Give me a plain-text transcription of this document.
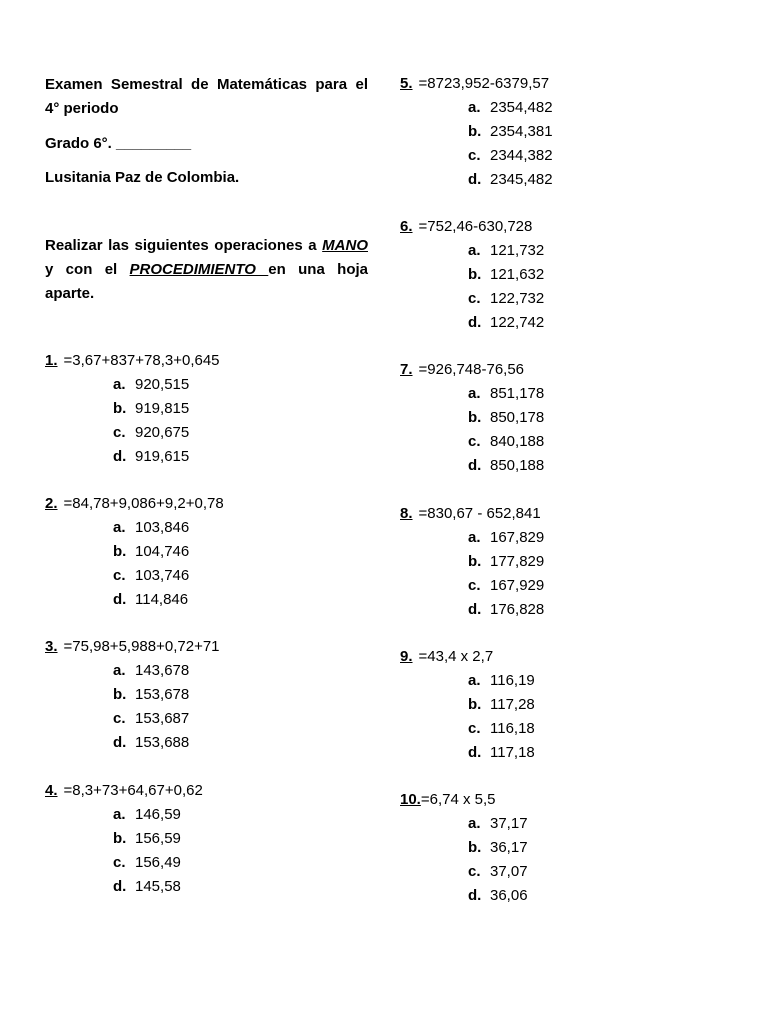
Examen Semestral de Matemáticas para el
4° periodo
Grado 6°. _________
Lusitania Paz de Colombia.
Realizar las siguientes operaciones a MANO
y con el PROCEDIMIENTO en una hoja
aparte.
1. =3,67+837+78,3+0,645
a. 920,515
b. 919,815
c. 920,675
d. 919,615
2. =84,78+9,086+9,2+0,78
a. 103,846
b. 104,746
c. 103,746
d. 114,846
3. =75,98+5,988+0,72+71
a. 143,678
b. 153,678
c. 153,687
d. 153,688
4. =8,3+73+64,67+0,62
a. 146,59
b. 156,59
c. 156,49
d. 145,58
5. =8723,952-6379,57
a. 2354,482
b. 2354,381
c. 2344,382
d. 2345,482
6. =752,46-630,728
a. 121,732
b. 121,632
c. 122,732
d. 122,742
7. =926,748-76,56
a. 851,178
b. 850,178
c. 840,188
d. 850,188
8. =830,67 - 652,841
a. 167,829
b. 177,829
c. 167,929
d. 176,828
9. =43,4 x 2,7
a. 116,19
b. 117,28
c. 116,18
d. 117,18
10.=6,74 x 5,5
a. 37,17
b. 36,17
c. 37,07
d. 36,06
